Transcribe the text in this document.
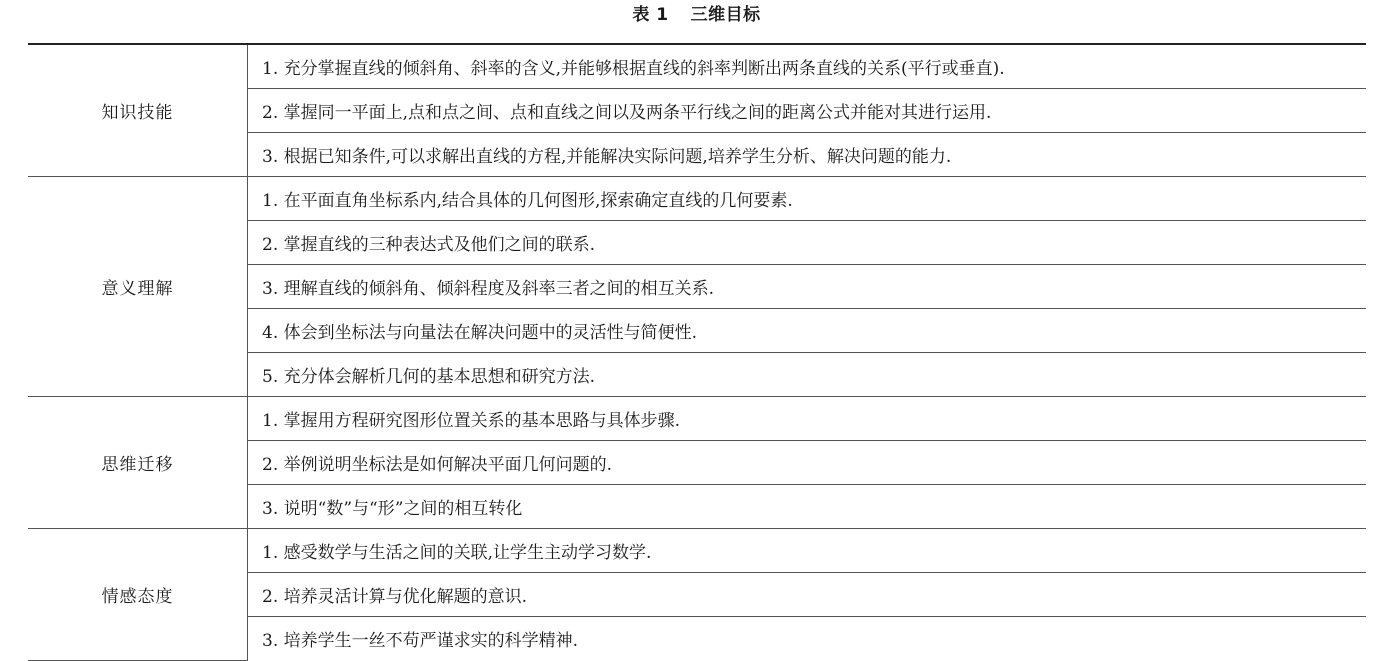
表 1 三维目标
知识技能	1. 充分掌握直线的倾斜角、斜率的含义,并能够根据直线的斜率判断出两条直线的关系(平行或垂直).
	2. 掌握同一平面上,点和点之间、点和直线之间以及两条平行线之间的距离公式并能对其进行运用.
	3. 根据已知条件,可以求解出直线的方程,并能解决实际问题,培养学生分析、解决问题的能力.
意义理解	1. 在平面直角坐标系内,结合具体的几何图形,探索确定直线的几何要素.
	2. 掌握直线的三种表达式及他们之间的联系.
	3. 理解直线的倾斜角、倾斜程度及斜率三者之间的相互关系.
	4. 体会到坐标法与向量法在解决问题中的灵活性与简便性.
	5. 充分体会解析几何的基本思想和研究方法.
思维迁移	1. 掌握用方程研究图形位置关系的基本思路与具体步骤.
	2. 举例说明坐标法是如何解决平面几何问题的.
	3. 说明“数”与“形”之间的相互转化
情感态度	1. 感受数学与生活之间的关联,让学生主动学习数学.
	2. 培养灵活计算与优化解题的意识.
	3. 培养学生一丝不苟严谨求实的科学精神.
